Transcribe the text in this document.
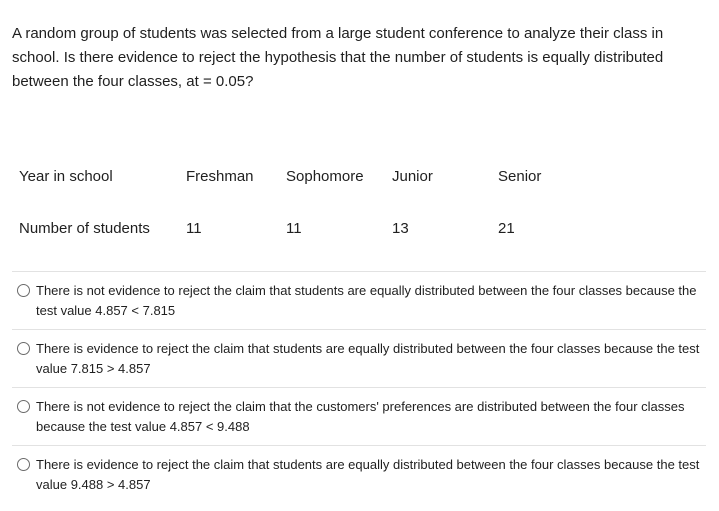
A random group of students was selected from a large student conference to analyze their class in school. Is there evidence to reject the hypothesis that the number of students is equally distributed between the four classes, at = 0.05?

Year in school	Freshman	Sophomore	Junior	Senior
Number of students	11	11	13	21
There is not evidence to reject the claim that students are equally distributed between the four classes because the test value 4.857 < 7.815
There is evidence to reject the claim that students are equally distributed between the four classes because the test value 7.815 > 4.857
There is not evidence to reject the claim that the customers' preferences are distributed between the four classes because the test value 4.857 < 9.488
There is evidence to reject the claim that students are equally distributed between the four classes because the test value 9.488 > 4.857
